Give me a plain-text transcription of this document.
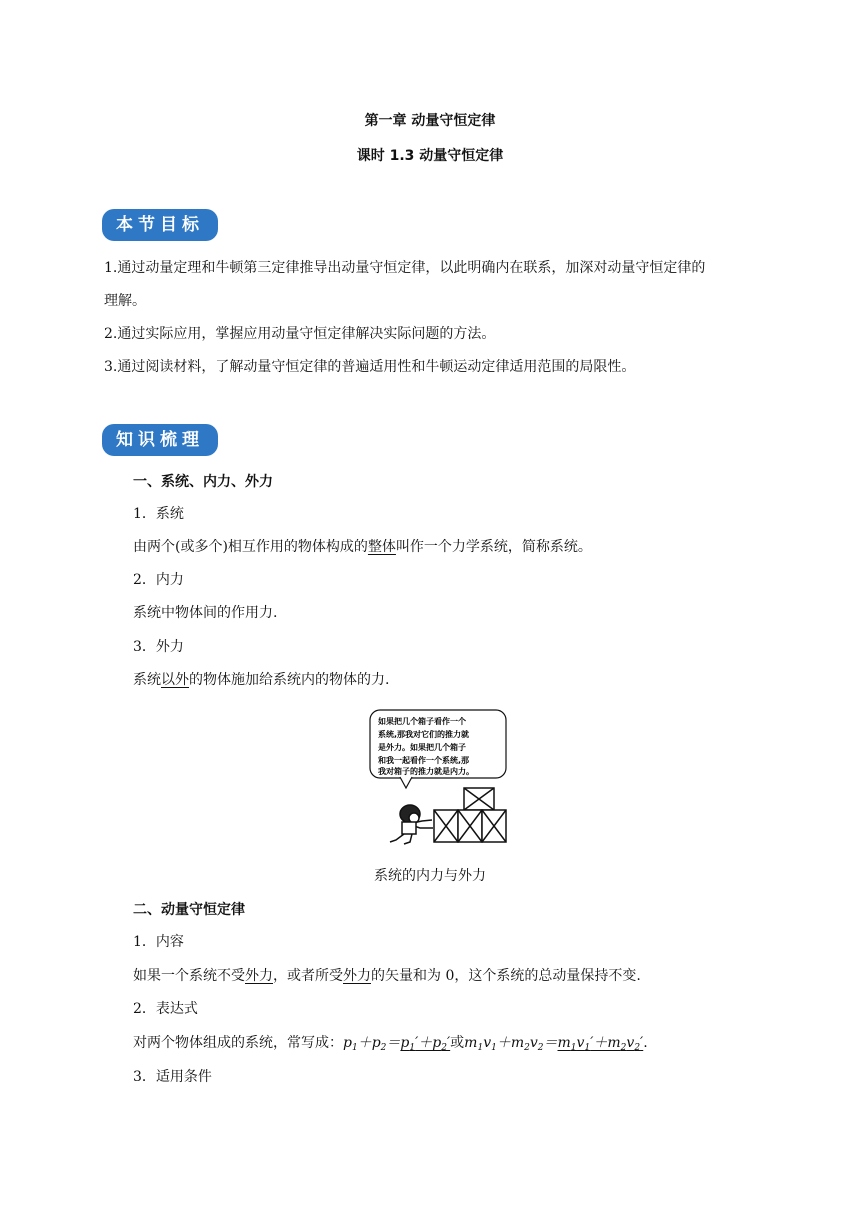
第一章 动量守恒定律
课时 1.3 动量守恒定律
本节目标
1.通过动量定理和牛顿第三定律推导出动量守恒定律，以此明确内在联系，加深对动量守恒定律的
理解。
2.通过实际应用，掌握应用动量守恒定律解决实际问题的方法。
3.通过阅读材料，了解动量守恒定律的普遍适用性和牛顿运动定律适用范围的局限性。
知识梳理
一、系统、内力、外力
1．系统
由两个(或多个)相互作用的物体构成的整体叫作一个力学系统，简称系统。
2．内力
系统中物体间的作用力.
3．外力
系统以外的物体施加给系统内的物体的力.
如果把几个箱子看作一个
系统,那我对它们的推力就
是外力。如果把几个箱子
和我一起看作一个系统,那
我对箱子的推力就是内力。
系统的内力与外力
二、动量守恒定律
1．内容
如果一个系统不受外力，或者所受外力的矢量和为 0，这个系统的总动量保持不变.
2．表达式
对两个物体组成的系统，常写成：$p_1+p_2=p_1'+p_2'$或$m_1v_1+m_2v_2=m_1v_1'+m_2v_2'$.
3．适用条件
